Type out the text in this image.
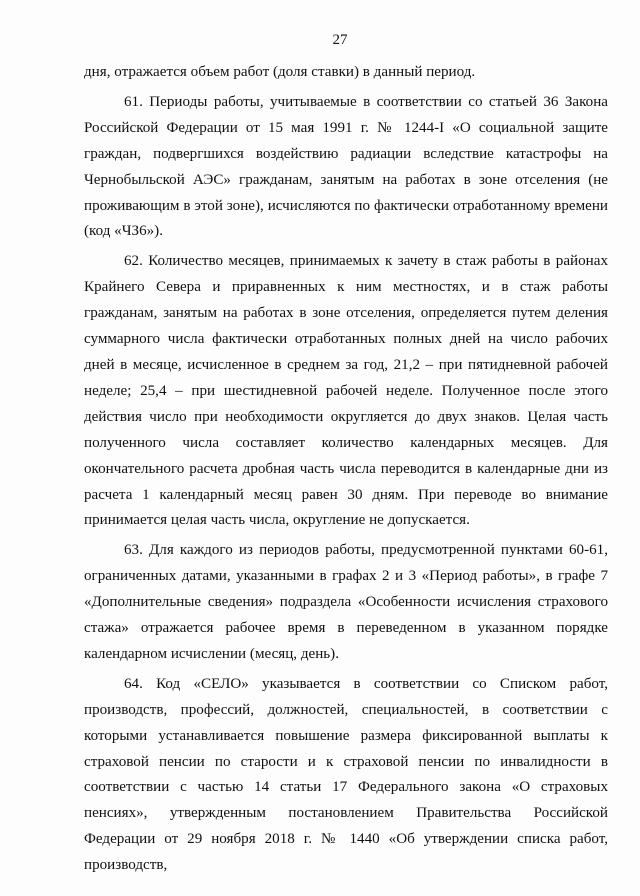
27

дня, отражается объем работ (доля ставки) в данный период.

61. Периоды работы, учитываемые в соответствии со статьей 36 Закона Российской Федерации от 15 мая 1991 г. № 1244-I «О социальной защите граждан, подвергшихся воздействию радиации вследствие катастрофы на Чернобыльской АЭС» гражданам, занятым на работах в зоне отселения (не проживающим в этой зоне), исчисляются по фактически отработанному времени (код «ЧЗ6»).

62. Количество месяцев, принимаемых к зачету в стаж работы в районах Крайнего Севера и приравненных к ним местностях, и в стаж работы гражданам, занятым на работах в зоне отселения, определяется путем деления суммарного числа фактически отработанных полных дней на число рабочих дней в месяце, исчисленное в среднем за год, 21,2 – при пятидневной рабочей неделе; 25,4 – при шестидневной рабочей неделе. Полученное после этого действия число при необходимости округляется до двух знаков. Целая часть полученного числа составляет количество календарных месяцев. Для окончательного расчета дробная часть числа переводится в календарные дни из расчета 1 календарный месяц равен 30 дням. При переводе во внимание принимается целая часть числа, округление не допускается.

63. Для каждого из периодов работы, предусмотренной пунктами 60-61, ограниченных датами, указанными в графах 2 и 3 «Период работы», в графе 7 «Дополнительные сведения» подраздела «Особенности исчисления страхового стажа» отражается рабочее время в переведенном в указанном порядке календарном исчислении (месяц, день).

64. Код «СЕЛО» указывается в соответствии со Списком работ, производств, профессий, должностей, специальностей, в соответствии с которыми устанавливается повышение размера фиксированной выплаты к страховой пенсии по старости и к страховой пенсии по инвалидности в соответствии с частью 14 статьи 17 Федерального закона «О страховых пенсиях», утвержденным постановлением Правительства Российской Федерации от 29 ноября 2018 г. № 1440 «Об утверждении списка работ, производств,
